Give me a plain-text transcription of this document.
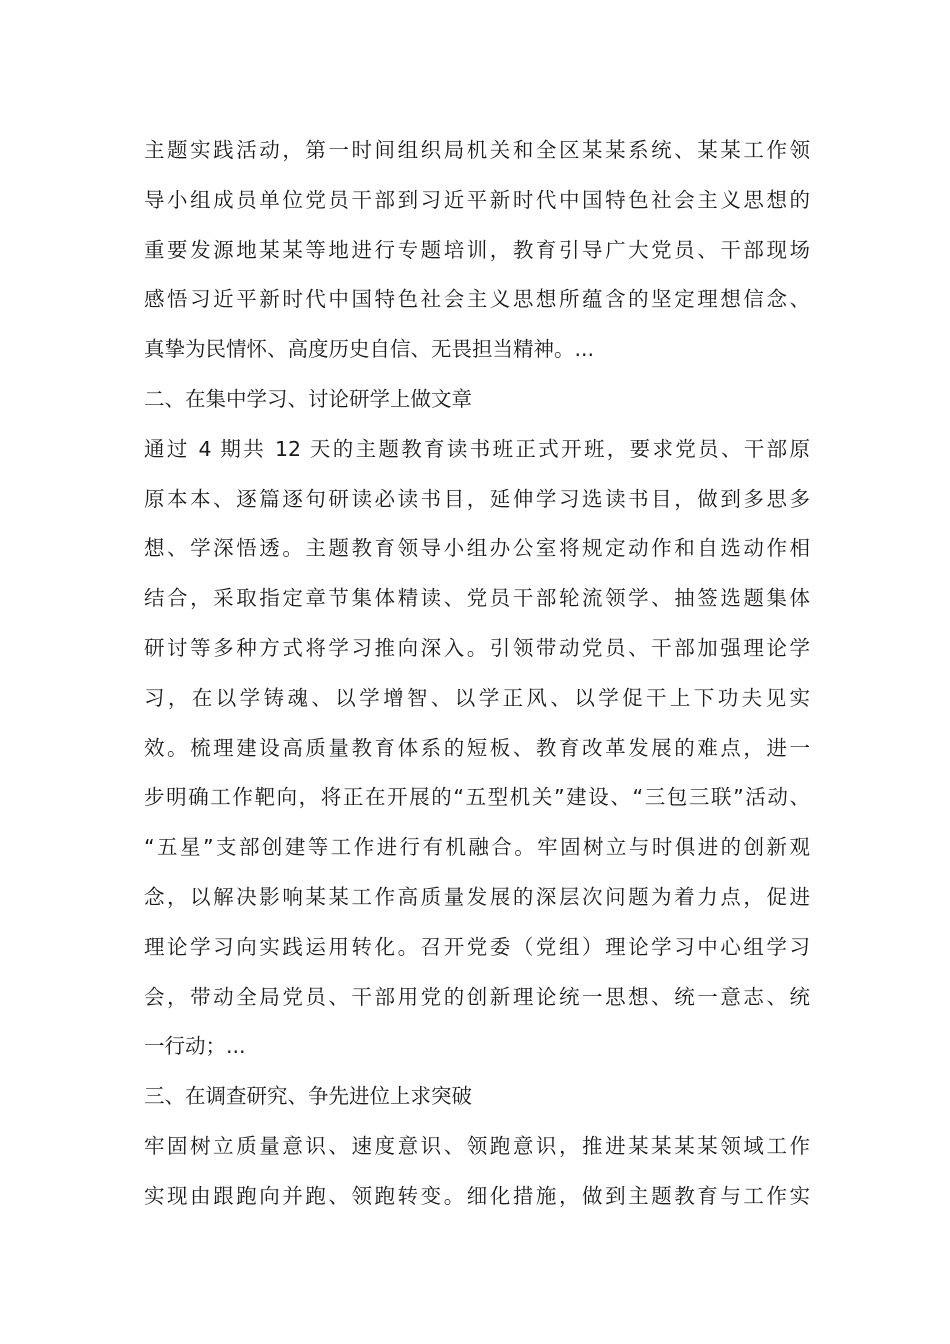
主题实践活动，第一时间组织局机关和全区某某系统、某某工作领
导小组成员单位党员干部到习近平新时代中国特色社会主义思想的
重要发源地某某等地进行专题培训，教育引导广大党员、干部现场
感悟习近平新时代中国特色社会主义思想所蕴含的坚定理想信念、
真挚为民情怀、高度历史自信、无畏担当精神。...
二、在集中学习、讨论研学上做文章
通过 4 期共 12 天的主题教育读书班正式开班，要求党员、干部原
原本本、逐篇逐句研读必读书目，延伸学习选读书目，做到多思多
想、学深悟透。主题教育领导小组办公室将规定动作和自选动作相
结合，采取指定章节集体精读、党员干部轮流领学、抽签选题集体
研讨等多种方式将学习推向深入。引领带动党员、干部加强理论学
习，在以学铸魂、以学增智、以学正风、以学促干上下功夫见实
效。梳理建设高质量教育体系的短板、教育改革发展的难点，进一
步明确工作靶向，将正在开展的“五型机关”建设、“三包三联”活动、
“五星”支部创建等工作进行有机融合。牢固树立与时俱进的创新观
念，以解决影响某某工作高质量发展的深层次问题为着力点，促进
理论学习向实践运用转化。召开党委（党组）理论学习中心组学习
会，带动全局党员、干部用党的创新理论统一思想、统一意志、统
一行动；...
三、在调查研究、争先进位上求突破
牢固树立质量意识、速度意识、领跑意识，推进某某某某领域工作
实现由跟跑向并跑、领跑转变。细化措施，做到主题教育与工作实
